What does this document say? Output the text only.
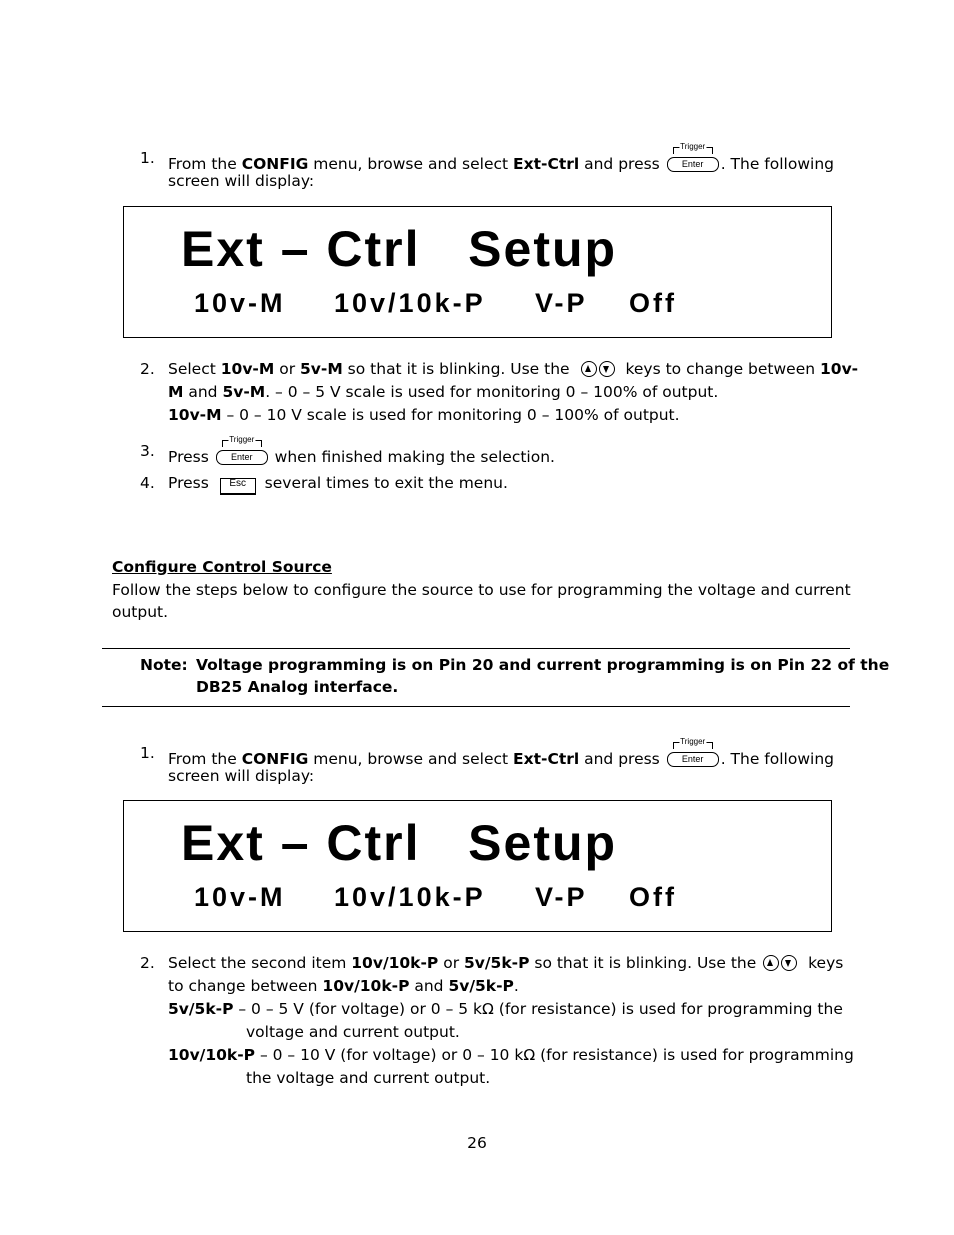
1. From the CONFIG menu, browse and select Ext-Ctrl and press
Trigger
Enter	. The following
screen will display:
Ext – Ctrl   Setup
10v-M 10v/10k-P V-P Off
2. Select 10v-M or 5v-M so that it is blinking. Use the	keys to change between 10v-
M and 5v-M. – 0 – 5 V scale is used for monitoring 0 – 100% of output.
10v-M – 0 – 10 V scale is used for monitoring 0 – 100% of output.
3. Press
Trigger
Enter	when finished making the selection.
4. Press Esc several times to exit the menu.
Configure Control Source
Follow the steps below to configure the source to use for programming the voltage and current
output.
Note: Voltage programming is on Pin 20 and current programming is on Pin 22 of the
DB25 Analog interface.
1. From the CONFIG menu, browse and select Ext-Ctrl and press
Trigger
Enter	. The following
screen will display:
Ext – Ctrl   Setup
10v-M 10v/10k-P V-P Off
2. Select the second item 10v/10k-P or 5v/5k-P so that it is blinking. Use the	keys
to change between 10v/10k-P and 5v/5k-P.
5v/5k-P – 0 – 5 V (for voltage) or 0 – 5 kΩ (for resistance) is used for programming the
voltage and current output.
10v/10k-P – 0 – 10 V (for voltage) or 0 – 10 kΩ (for resistance) is used for programming
the voltage and current output.
26
